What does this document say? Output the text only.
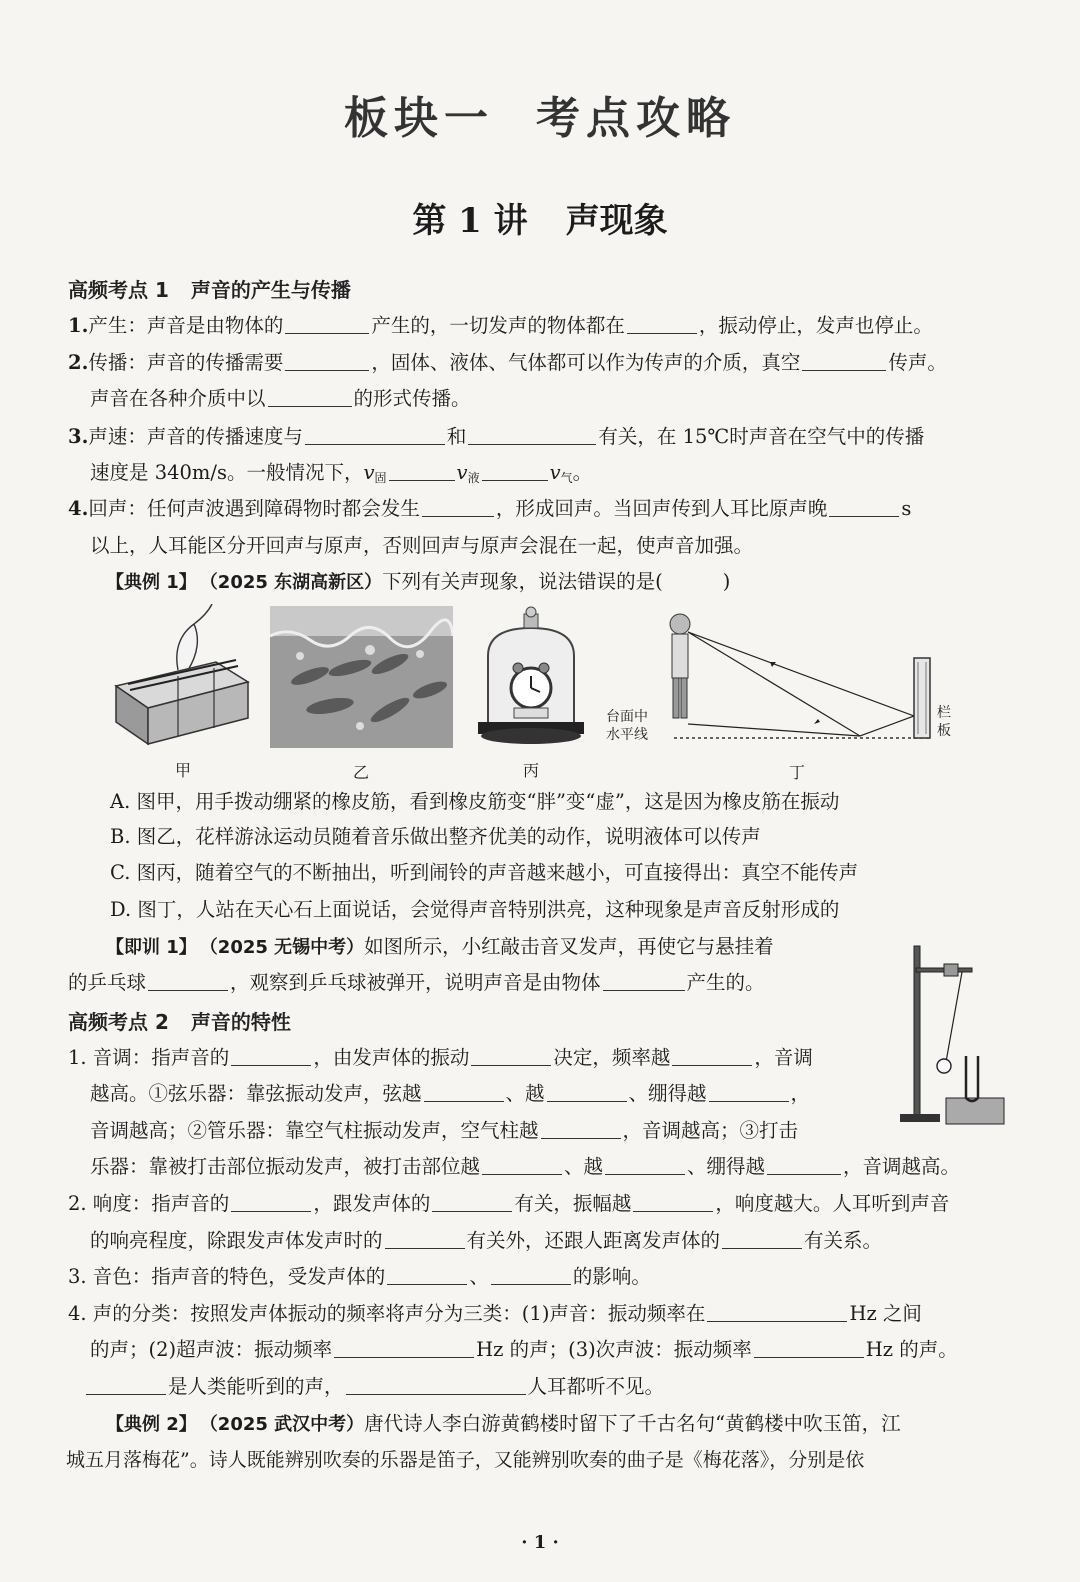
板块一 考点攻略
第 1 讲 声现象
高频考点 1 声音的产生与传播
1.产生：声音是由物体的	产生的，一切发声的物体都在	，振动停止，发声也停止。
2.传播：声音的传播需要	，固体、液体、气体都可以作为传声的介质，真空	传声。
声音在各种介质中以	的形式传播。
3.声速：声音的传播速度与	和	有关，在 15℃时声音在空气中的传播
速度是 340m/s。一般情况下，$v_固$	$v_液$	$v_气$。
4.回声：任何声波遇到障碍物时都会发生	，形成回声。当回声传到人耳比原声晚	s
以上，人耳能区分开回声与原声，否则回声与原声会混在一起，使声音加强。
【典例 1】 （2025 东湖高新区）下列有关声现象，说法错误的是(	)
台面中
水平线
栏
板
甲	乙	丙	丁
A. 图甲，用手拨动绷紧的橡皮筋，看到橡皮筋变“胖”变“虚”，这是因为橡皮筋在振动
B. 图乙，花样游泳运动员随着音乐做出整齐优美的动作，说明液体可以传声
C. 图丙，随着空气的不断抽出，听到闹铃的声音越来越小，可直接得出：真空不能传声
D. 图丁，人站在天心石上面说话，会觉得声音特别洪亮，这种现象是声音反射形成的
【即训 1】 （2025 无锡中考）如图所示，小红敲击音叉发声，再使它与悬挂着
的乒乓球	，观察到乒乓球被弹开，说明声音是由物体	产生的。
高频考点 2 声音的特性
1. 音调：指声音的	，由发声体的振动	决定，频率越	，音调
越高。①弦乐器：靠弦振动发声，弦越	、越	、绷得越	，
音调越高；②管乐器：靠空气柱振动发声，空气柱越	，音调越高；③打击
乐器：靠被打击部位振动发声，被打击部位越	、越	、绷得越	，音调越高。
2. 响度：指声音的	，跟发声体的	有关，振幅越	，响度越大。人耳听到声音
的响亮程度，除跟发声体发声时的	有关外，还跟人距离发声体的	有关系。
3. 音色：指声音的特色，受发声体的	、	的影响。
4. 声的分类：按照发声体振动的频率将声分为三类：(1)声音：振动频率在	Hz 之间
的声；(2)超声波：振动频率	Hz 的声；(3)次声波：振动频率	Hz 的声。
是人类能听到的声，	人耳都听不见。
【典例 2】 （2025 武汉中考）唐代诗人李白游黄鹤楼时留下了千古名句“黄鹤楼中吹玉笛，江
城五月落梅花”。诗人既能辨别吹奏的乐器是笛子，又能辨别吹奏的曲子是《梅花落》，分别是依
· 1 ·
